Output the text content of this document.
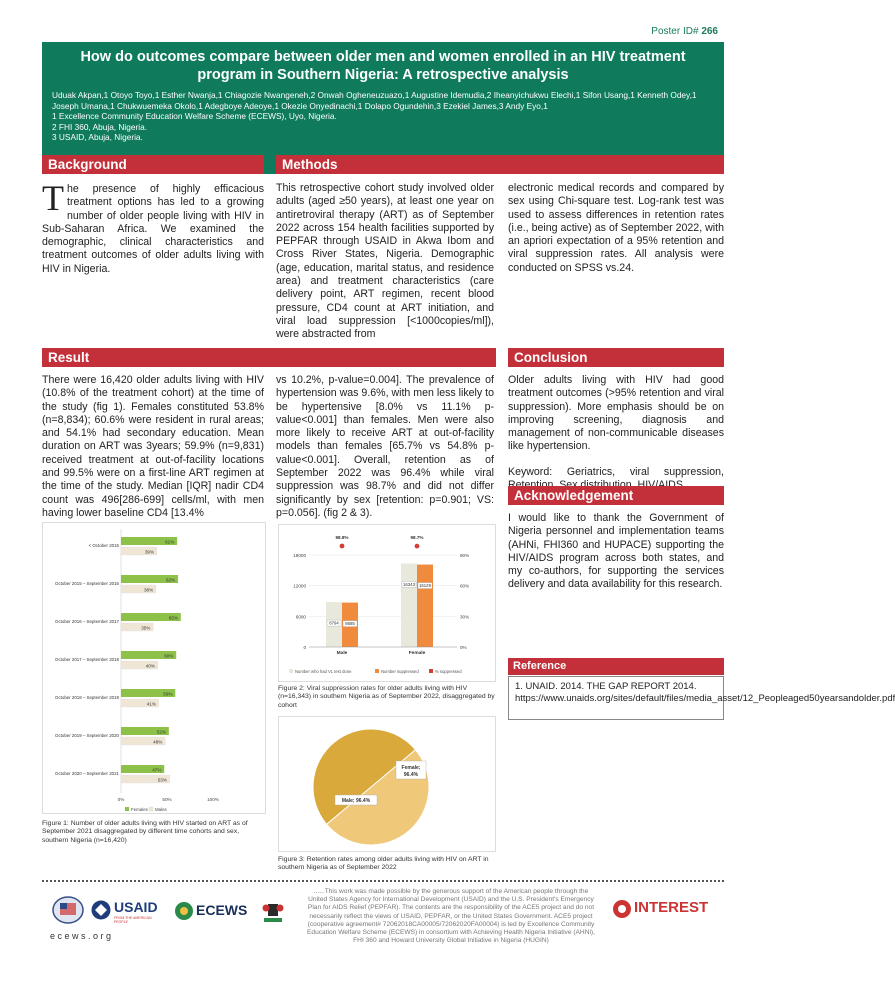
Poster ID# 266
How do outcomes compare between older men and women enrolled in an HIV treatment program in Southern Nigeria: A retrospective analysis
Uduak Akpan,1 Otoyo Toyo,1 Esther Nwanja,1 Chiagozie Nwangeneh,2 Onwah Ogheneuzuazo,1 Augustine Idemudia,2 Iheanyichukwu Elechi,1 Sifon Usang,1 Kenneth Odey,1 Joseph Umana,1 Chukwuemeka Okolo,1 Adegboye Adeoye,1 Okezie Onyedinachi,1 Dolapo Ogundehin,3 Ezekiel James,3 Andy Eyo,1
1 Excellence Community Education Welfare Scheme (ECEWS), Uyo, Nigeria.
2 FHI 360, Abuja, Nigeria.
3 USAID, Abuja, Nigeria.
Background
The presence of highly efficacious treatment options has led to a growing number of older people living with HIV in Sub-Saharan Africa. We examined the demographic, clinical characteristics and treatment outcomes of older adults living with HIV in Nigeria.
Methods
This retrospective cohort study involved older adults (aged ≥50 years), at least one year on antiretroviral therapy (ART) as of September 2022 across 154 health facilities supported by PEPFAR through USAID in Akwa Ibom and Cross River States, Nigeria. Demographic (age, education, marital status, and residence area) and treatment characteristics (care delivery point, ART regimen, recent blood pressure, CD4 count at ART initiation, and viral load suppression [<1000copies/ml]), were abstracted from
electronic medical records and compared by sex using Chi-square test. Log-rank test was used to assess differences in retention rates (i.e., being active) as of September 2022, with an apriori expectation of a 95% retention and viral suppression rates. All analysis were conducted on SPSS vs.24.
Result
There were 16,420 older adults living with HIV (10.8% of the treatment cohort) at the time of the study (fig 1). Females constituted 53.8% (n=8,834); 60.6% were resident in rural areas; and 54.1% had secondary education. Mean duration on ART was 3years; 59.9% (n=9,831) received treatment at out-of-facility locations and 99.5% were on a first-line ART regimen at the time of the study. Median [IQR] nadir CD4 count was 496[286-699] cells/ml, with men having lower baseline CD4 [13.4%
vs 10.2%, p-value=0.004]. The prevalence of hypertension was 9.6%, with men less likely to be hypertensive [8.0% vs 11.1% p-value<0.001] than females. Men were also more likely to receive ART at out-of-facility models than females [65.7% vs 54.8% p-value<0.001]. Overall, retention as of September 2022 was 96.4% while viral suppression was 98.7% and did not differ significantly by sex [retention: p=0.901; VS: p=0.056]. (fig 2 & 3).
Conclusion
Older adults living with HIV had good treatment outcomes (>95% retention and viral suppression). More emphasis should be on improving screening, diagnosis and management of non-communicable diseases like hypertension.
Keyword: Geriatrics, viral suppression,
Acknowledgement
I would like to thank the Government of Nigeria personnel and implementation teams (AHNi, FHI360 and HUPACE) supporting the HIV/AIDS program across both states, and my co-authors, for supporting the services delivery and data availability for this research.
Reference
1. UNAID. 2014. THE GAP REPORT 2014. https://www.unaids.org/sites/default/files/media_asset/12_Peopleaged50yearsandolder.pdf
< October 2015
61%
39%
October 2015 – September 2016
62%
38%
October 2016 – September 2017
65%
35%
October 2017 – September 2018
60%
40%
October 2018 – September 2019
59%
41%
October 2019 – September 2020
52%
48%
October 2020 – September 2021
47%
53%
0%	50%	100%
Females Males
Figure 1: Number of older adults living with HIV started on ART as of September 2021 disaggregated by different time cohorts and sex, southern Nigeria (n=16,420)
0
6000
12000
18000
0%
30%
60%
90%
8794 8685
98.8%
Male
16343 16129
98.7%
Female
Number who had VL test done	Number suppressed	% suppressed
Figure 2: Viral suppression rates for older adults living with HIV (n=16,343) in southern Nigeria as of September 2022, disaggregated by cohort
Female;
96.4%
Male; 96.4%
Figure 3: Retention rates among older adults living with HIV on ART in southern Nigeria as of September 2022
USAID
FROM THE AMERICAN PEOPLE
ECEWS
......This work was made possible by the generous support of the American people through the United States Agency for International Development (USAID) and the U.S. President's Emergency Plan for AIDS Relief (PEPFAR). The contents are the responsibility of the ACE5 project and do not necessarily reflect the views of USAID, PEPFAR, or the United States Government. ACE5 project (cooperative agreement# 72062018CA00005/72062020FA00004) is led by Excellence Community Education Welfare Scheme (ECEWS) in consortium with Achieving Health Nigeria Initiative (AHNi), FHI 360 and Howard University Global Initiative in Nigeria (HUGIN)
INTEREST
ecews.org
